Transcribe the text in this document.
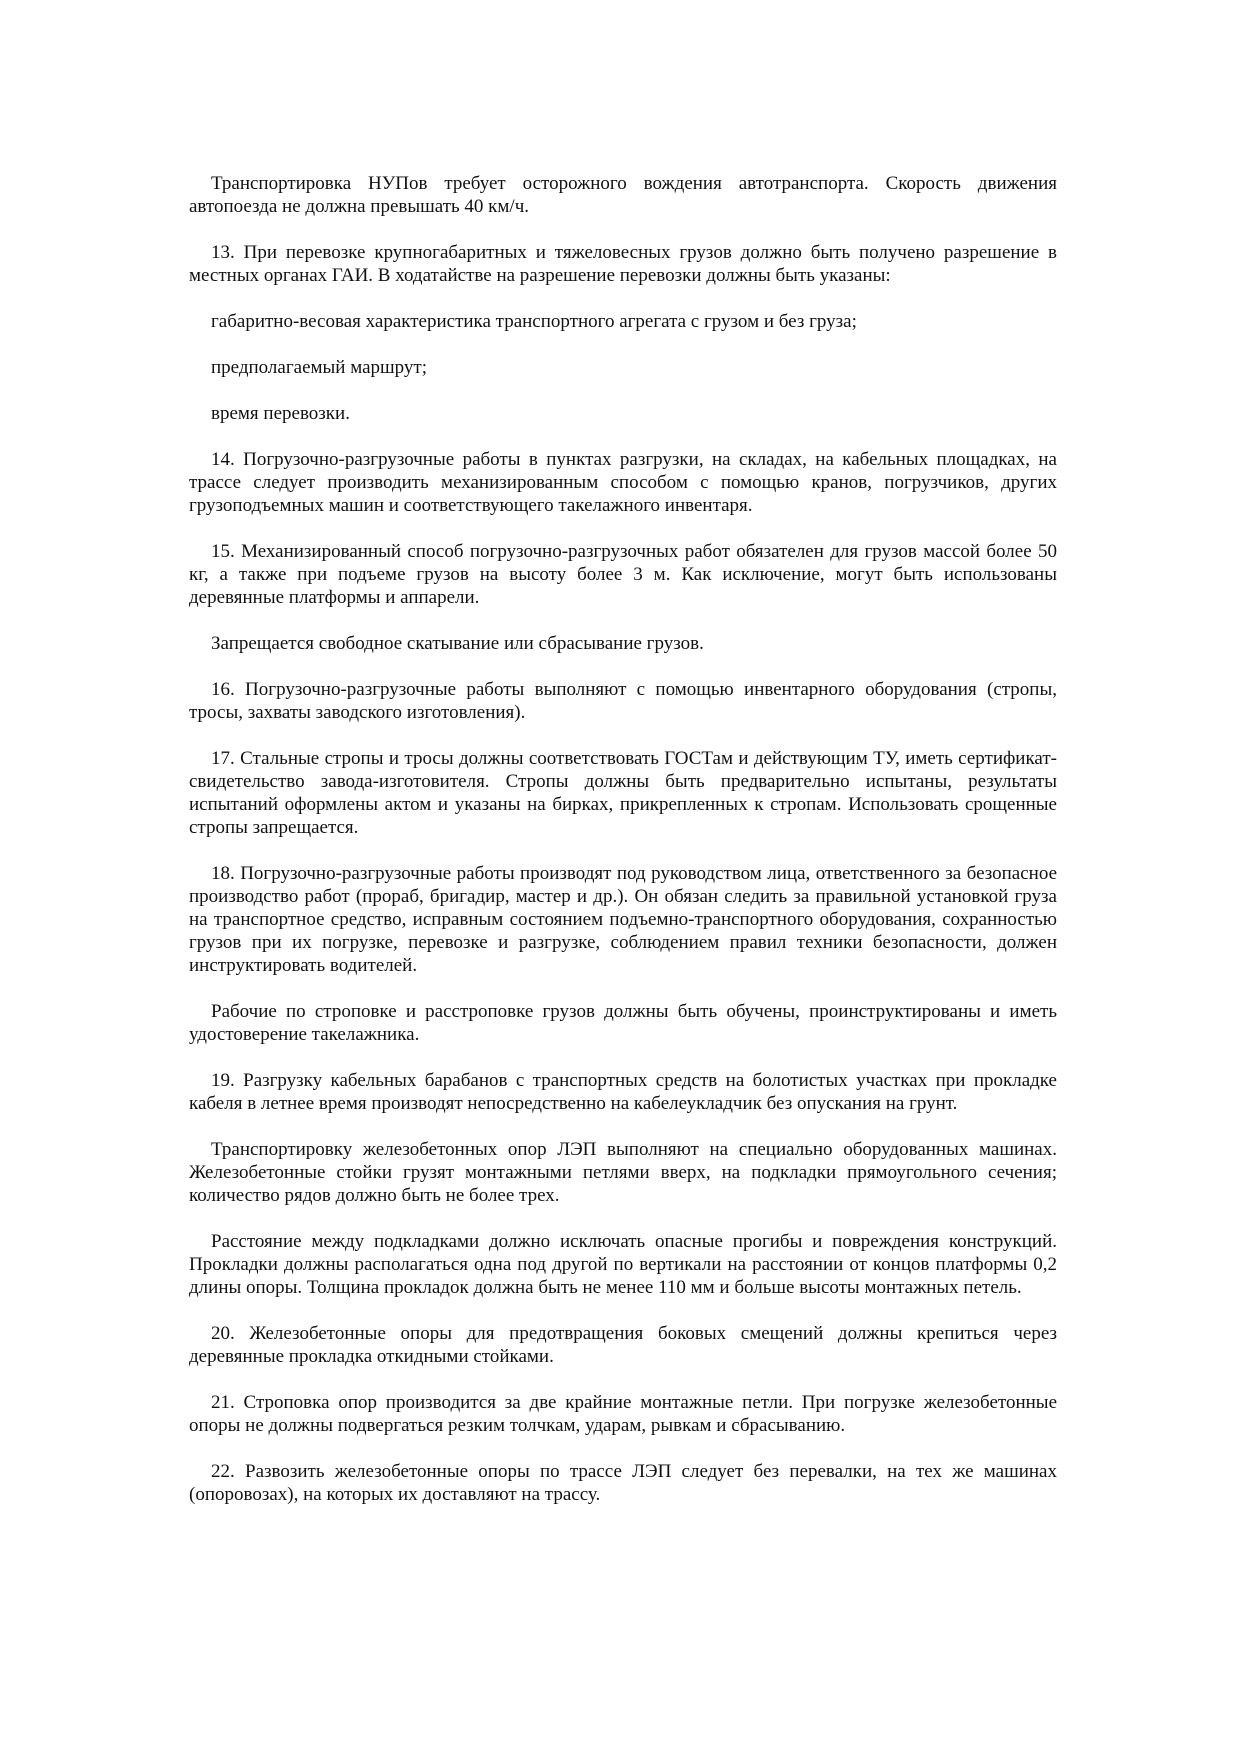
Транспортировка НУПов требует осторожного вождения автотранспорта. Скорость движения автопоезда не должна превышать 40 км/ч.

13. При перевозке крупногабаритных и тяжеловесных грузов должно быть получено разрешение в местных органах ГАИ. В ходатайстве на разрешение перевозки должны быть указаны:

габаритно-весовая характеристика транспортного агрегата с грузом и без груза;

предполагаемый маршрут;

время перевозки.

14. Погрузочно-разгрузочные работы в пунктах разгрузки, на складах, на кабельных площадках, на трассе следует производить механизированным способом с помощью кранов, погрузчиков, других грузоподъемных машин и соответствующего такелажного инвентаря.

15. Механизированный способ погрузочно-разгрузочных работ обязателен для грузов массой более 50 кг, а также при подъеме грузов на высоту более 3 м. Как исключение, могут быть использованы деревянные платформы и аппарели.

Запрещается свободное скатывание или сбрасывание грузов.

16. Погрузочно-разгрузочные работы выполняют с помощью инвентарного оборудования (стропы, тросы, захваты заводского изготовления).

17. Стальные стропы и тросы должны соответствовать ГОСТам и действующим ТУ, иметь сертификат-свидетельство завода-изготовителя. Стропы должны быть предварительно испытаны, результаты испытаний оформлены актом и указаны на бирках, прикрепленных к стропам. Использовать срощенные стропы запрещается.

18. Погрузочно-разгрузочные работы производят под руководством лица, ответственного за безопасное производство работ (прораб, бригадир, мастер и др.). Он обязан следить за правильной установкой груза на транспортное средство, исправным состоянием подъемно-транспортного оборудования, сохранностью грузов при их погрузке, перевозке и разгрузке, соблюдением правил техники безопасности, должен инструктировать водителей.

Рабочие по строповке и расстроповке грузов должны быть обучены, проинструктированы и иметь удостоверение такелажника.

19. Разгрузку кабельных барабанов с транспортных средств на болотистых участках при прокладке кабеля в летнее время производят непосредственно на кабелеукладчик без опускания на грунт.

Транспортировку железобетонных опор ЛЭП выполняют на специально оборудованных машинах. Железобетонные стойки грузят монтажными петлями вверх, на подкладки прямоугольного сечения; количество рядов должно быть не более трех.

Расстояние между подкладками должно исключать опасные прогибы и повреждения конструкций. Прокладки должны располагаться одна под другой по вертикали на расстоянии от концов платформы 0,2 длины опоры. Толщина прокладок должна быть не менее 110 мм и больше высоты монтажных петель.

20. Железобетонные опоры для предотвращения боковых смещений должны крепиться через деревянные прокладка откидными стойками.

21. Строповка опор производится за две крайние монтажные петли. При погрузке железобетонные опоры не должны подвергаться резким толчкам, ударам, рывкам и сбрасыванию.

22. Развозить железобетонные опоры по трассе ЛЭП следует без перевалки, на тех же машинах (опоровозах), на которых их доставляют на трассу.
